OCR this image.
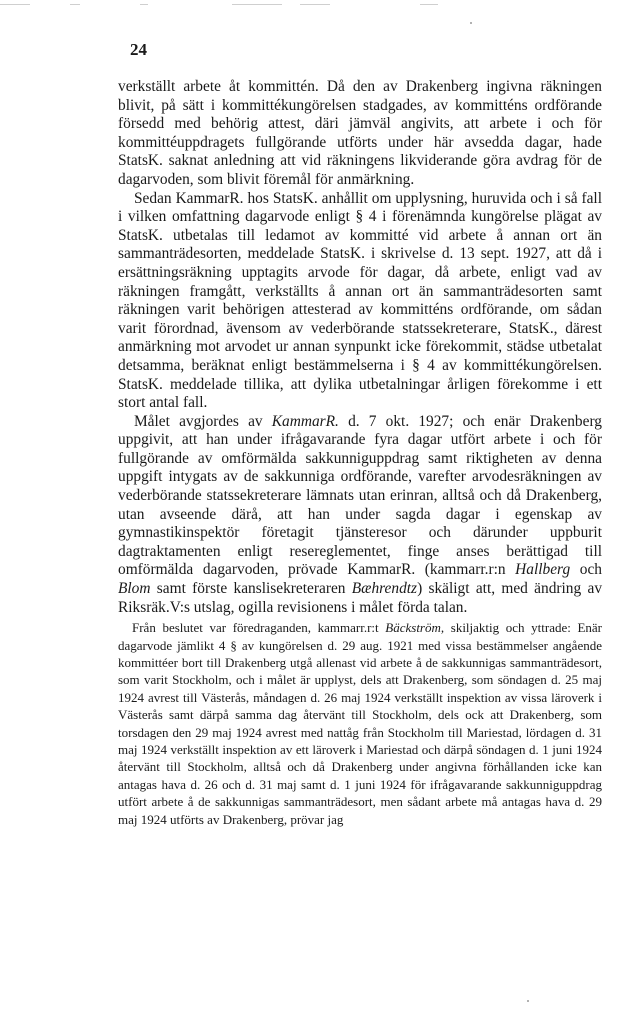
24

verkställt arbete åt kommittén. Då den av Drakenberg ingivna räkningen blivit, på sätt i kommittékungörelsen stadgades, av kommitténs ordförande försedd med behörig attest, däri jämväl angivits, att arbete i och för kommittéuppdragets fullgörande utförts under här avsedda dagar, hade StatsK. saknat anledning att vid räkningens likviderande göra avdrag för de dagarvoden, som blivit föremål för anmärkning.

Sedan KammarR. hos StatsK. anhållit om upplysning, huruvida och i så fall i vilken omfattning dagarvode enligt § 4 i förenämnda kungörelse plägat av StatsK. utbetalas till ledamot av kommitté vid arbete å annan ort än sammanträdesorten, meddelade StatsK. i skrivelse d. 13 sept. 1927, att då i ersättningsräkning upptagits arvode för dagar, då arbete, enligt vad av räkningen framgått, verkställts å annan ort än sammanträdesorten samt räkningen varit behörigen attesterad av kommitténs ordförande, om sådan varit förordnad, ävensom av vederbörande statssekreterare, StatsK., därest anmärkning mot arvodet ur annan synpunkt icke förekommit, städse utbetalat detsamma, beräknat enligt bestämmelserna i § 4 av kommittékungörelsen. StatsK. meddelade tillika, att dylika utbetalningar årligen förekomme i ett stort antal fall.

Målet avgjordes av KammarR. d. 7 okt. 1927; och enär Drakenberg uppgivit, att han under ifrågavarande fyra dagar utfört arbete i och för fullgörande av omförmälda sakkunniguppdrag samt riktigheten av denna uppgift intygats av de sakkunniga ordförande, varefter arvodesräkningen av vederbörande statssekreterare lämnats utan erinran, alltså och då Drakenberg, utan avseende därå, att han under sagda dagar i egenskap av gymnastikinspektör företagit tjänsteresor och därunder uppburit dagtraktamenten enligt resereglementet, finge anses berättigad till omförmälda dagarvoden, prövade KammarR. (kammarr.r:n Hallberg och Blom samt förste kanslisekreteraren Bæhrendtz) skäligt att, med ändring av Riksräk.V:s utslag, ogilla revisionens i målet förda talan.

Från beslutet var föredraganden, kammarr.r:t Bäckström, skiljaktig och yttrade: Enär dagarvode jämlikt 4 § av kungörelsen d. 29 aug. 1921 med vissa bestämmelser angående kommittéer bort till Drakenberg utgå allenast vid arbete å de sakkunnigas sammanträdesort, som varit Stockholm, och i målet är upplyst, dels att Drakenberg, som söndagen d. 25 maj 1924 avrest till Västerås, måndagen d. 26 maj 1924 verkställt inspektion av vissa läroverk i Västerås samt därpå samma dag återvänt till Stockholm, dels ock att Drakenberg, som torsdagen den 29 maj 1924 avrest med nattåg från Stockholm till Mariestad, lördagen d. 31 maj 1924 verkställt inspektion av ett läroverk i Mariestad och därpå söndagen d. 1 juni 1924 återvänt till Stockholm, alltså och då Drakenberg under angivna förhållanden icke kan antagas hava d. 26 och d. 31 maj samt d. 1 juni 1924 för ifrågavarande sakkunniguppdrag utfört arbete å de sakkunnigas sammanträdesort, men sådant arbete må antagas hava d. 29 maj 1924 utförts av Drakenberg, prövar jag
